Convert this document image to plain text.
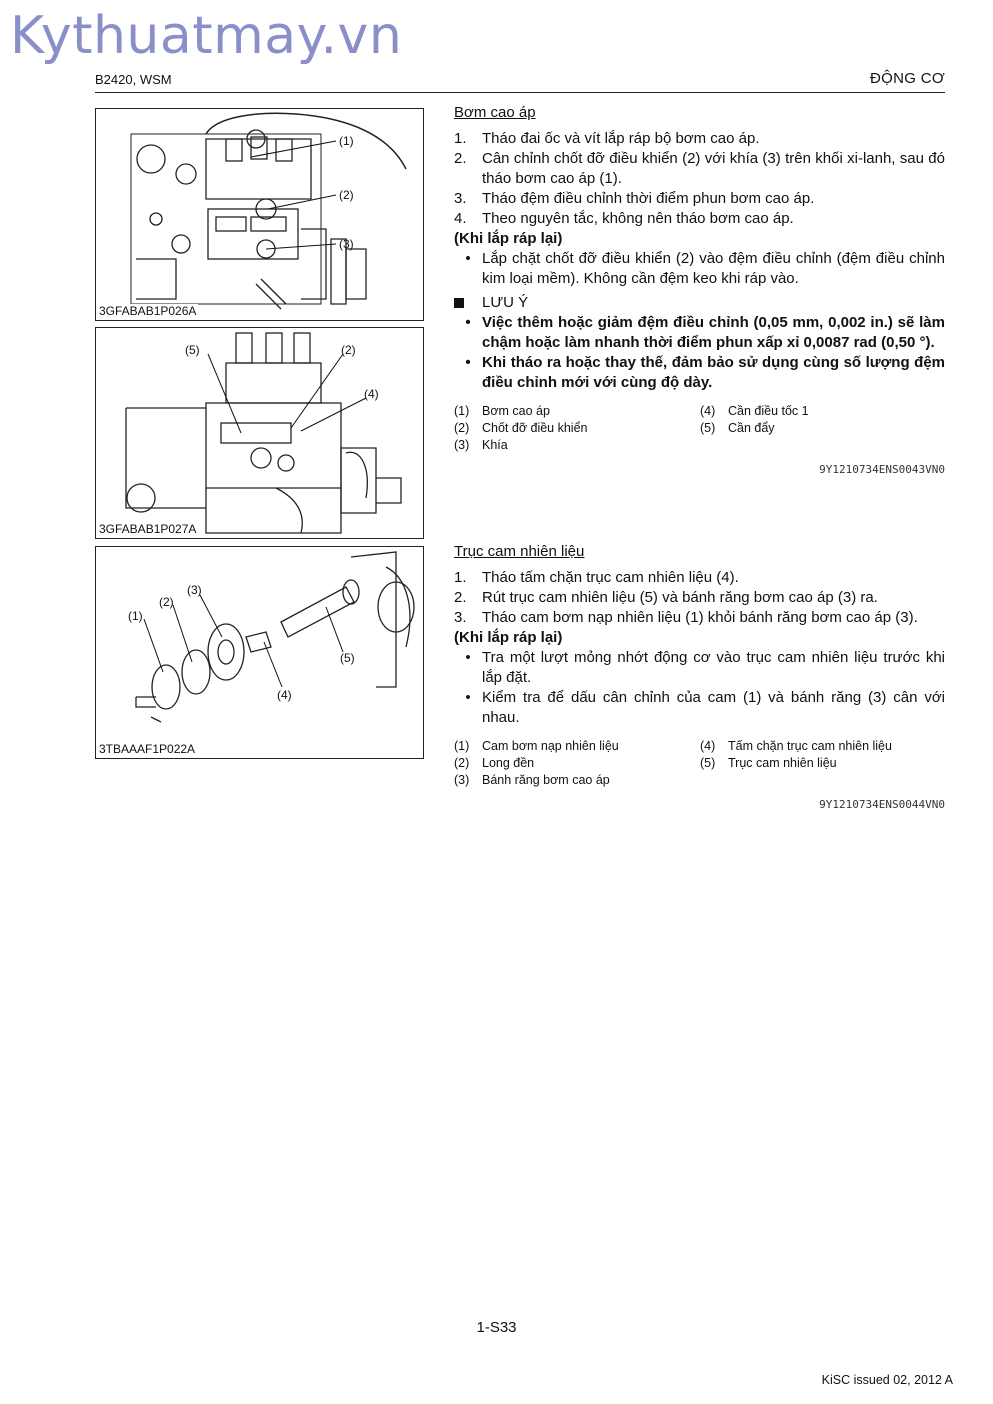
Kythuatmay.vn
B2420, WSM	ĐỘNG CƠ
(1)
(2)
(3)
3GFABAB1P026A
(5)	(2)
(4)
3GFABAB1P027A
(1)
(2)
(3)
(4)
(5)
3TBAAAF1P022A
Bơm cao áp
1.	Tháo đai ốc và vít lắp ráp bộ bơm cao áp.
2.	Cân chỉnh chốt đỡ điều khiển (2) với khía (3) trên khối xi-lanh, sau đó tháo bơm cao áp (1).
3.	Tháo đệm điều chỉnh thời điểm phun bơm cao áp.
4.	Theo nguyên tắc, không nên tháo bơm cao áp.
(Khi lắp ráp lại)
• Lắp chặt chốt đỡ điều khiển (2) vào đệm điều chỉnh (đệm điều chỉnh kim loại mềm). Không cần đệm keo khi ráp vào.
LƯU Ý
• Việc thêm hoặc giảm đệm điều chỉnh (0,05 mm, 0,002 in.) sẽ làm chậm hoặc làm nhanh thời điểm phun xấp xỉ 0,0087 rad (0,50 °).
• Khi tháo ra hoặc thay thế, đảm bảo sử dụng cùng số lượng đệm điều chỉnh mới với cùng độ dày.
(1)	Bơm cao áp	(4)	Cần điều tốc 1
(2)	Chốt đỡ điều khiển	(5)	Cần đẩy
(3)	Khía
9Y1210734ENS0043VN0
Trục cam nhiên liệu
1.	Tháo tấm chặn trục cam nhiên liệu (4).
2.	Rút trục cam nhiên liệu (5) và bánh răng bơm cao áp (3) ra.
3.	Tháo cam bơm nạp nhiên liệu (1) khỏi bánh răng bơm cao áp (3).
(Khi lắp ráp lại)
• Tra một lượt mỏng nhớt động cơ vào trục cam nhiên liệu trước khi lắp đặt.
• Kiểm tra để dấu cân chỉnh của cam (1) và bánh răng (3) cân với nhau.
(1)	Cam bơm nạp nhiên liệu	(4)	Tấm chặn trục cam nhiên liệu
(2)	Long đền	(5)	Trục cam nhiên liệu
(3)	Bánh răng bơm cao áp
9Y1210734ENS0044VN0
1-S33
KiSC issued 02, 2012 A
